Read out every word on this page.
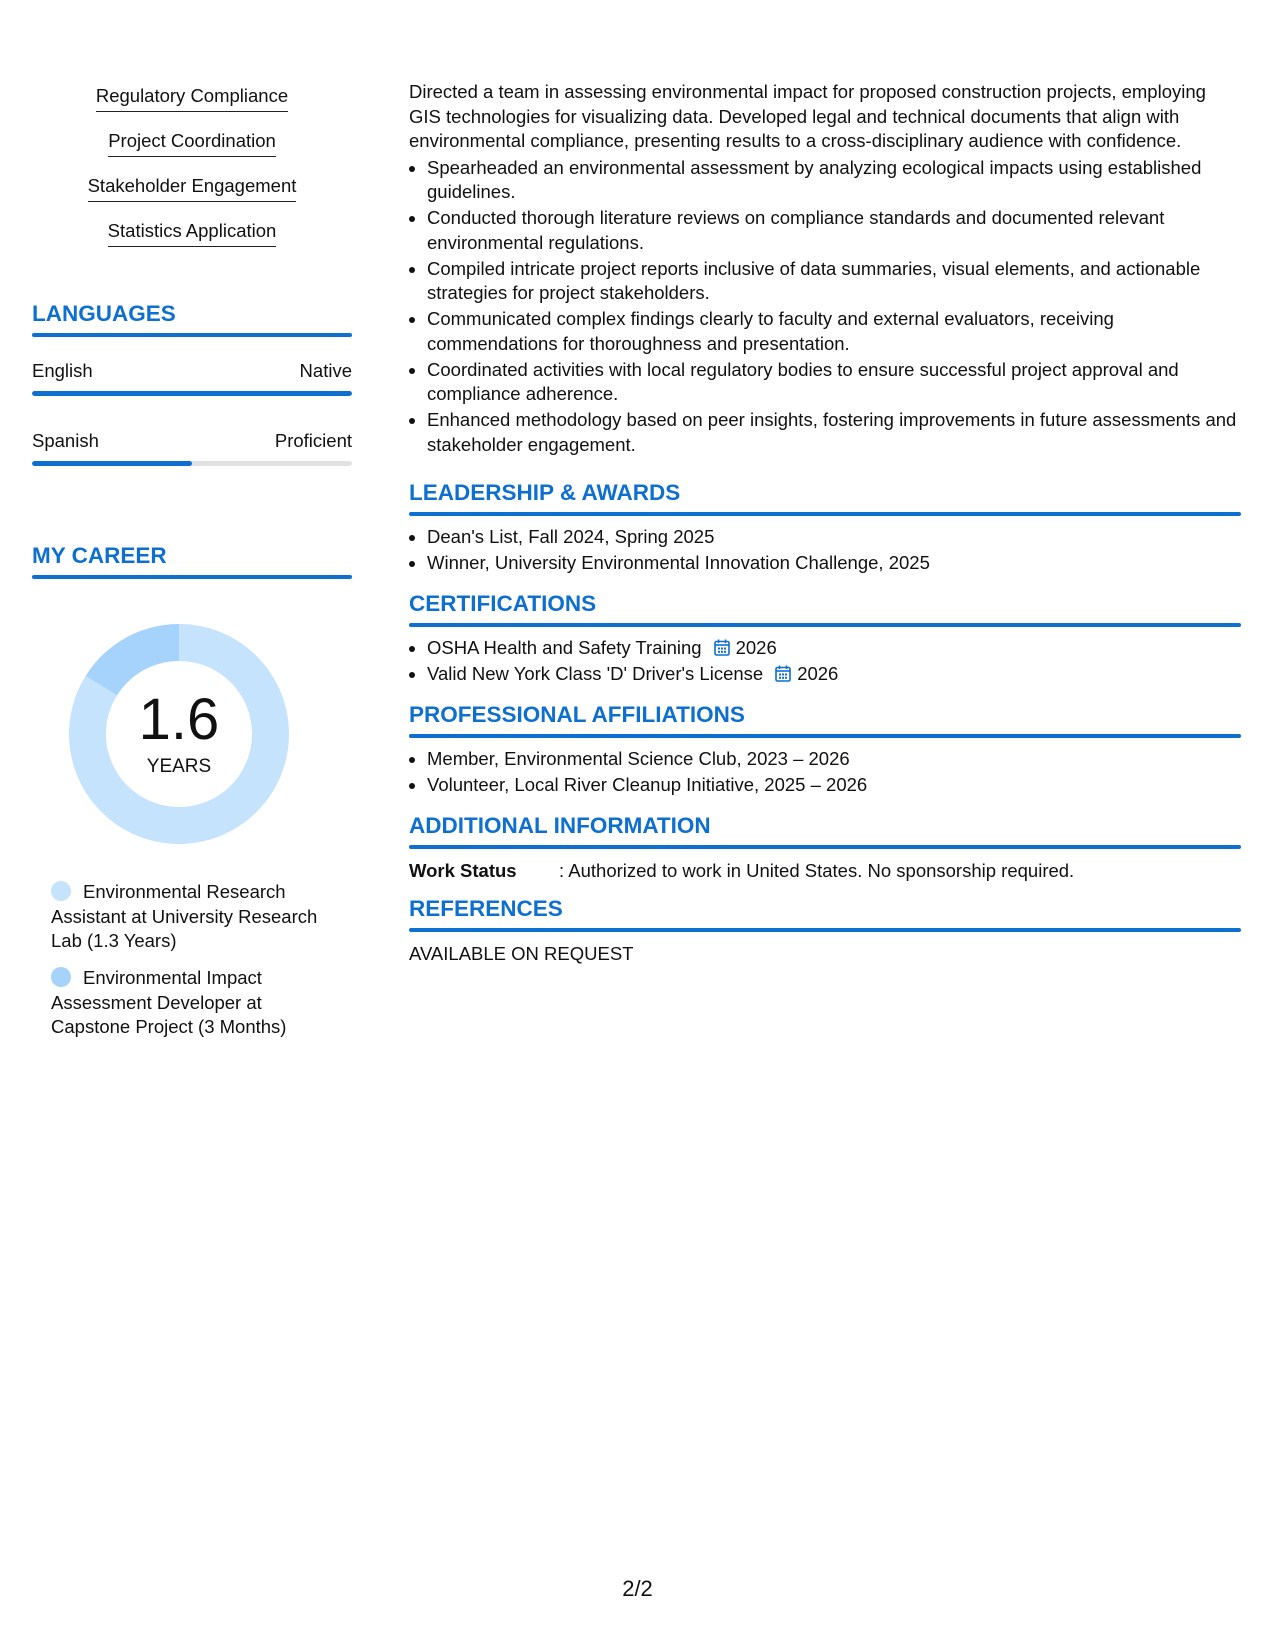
Regulatory Compliance
Project Coordination
Stakeholder Engagement
Statistics Application
LANGUAGES
English	Native
Spanish	Proficient
MY CAREER
1.6
YEARS
Environmental Research Assistant at University Research Lab (1.3 Years)
Environmental Impact Assessment Developer at Capstone Project (3 Months)
Directed a team in assessing environmental impact for proposed construction projects, employing GIS technologies for visualizing data. Developed legal and technical documents that align with environmental compliance, presenting results to a cross-disciplinary audience with confidence.
• Spearheaded an environmental assessment by analyzing ecological impacts using established guidelines.
• Conducted thorough literature reviews on compliance standards and documented relevant environmental regulations.
• Compiled intricate project reports inclusive of data summaries, visual elements, and actionable strategies for project stakeholders.
• Communicated complex findings clearly to faculty and external evaluators, receiving commendations for thoroughness and presentation.
• Coordinated activities with local regulatory bodies to ensure successful project approval and compliance adherence.
• Enhanced methodology based on peer insights, fostering improvements in future assessments and stakeholder engagement.
LEADERSHIP & AWARDS
• Dean's List, Fall 2024, Spring 2025
• Winner, University Environmental Innovation Challenge, 2025
CERTIFICATIONS
• OSHA Health and Safety Training 2026
• Valid New York Class 'D' Driver's License 2026
PROFESSIONAL AFFILIATIONS
• Member, Environmental Science Club, 2023 – 2026
• Volunteer, Local River Cleanup Initiative, 2025 – 2026
ADDITIONAL INFORMATION
Work Status : Authorized to work in United States. No sponsorship required.
REFERENCES
AVAILABLE ON REQUEST
2/2
